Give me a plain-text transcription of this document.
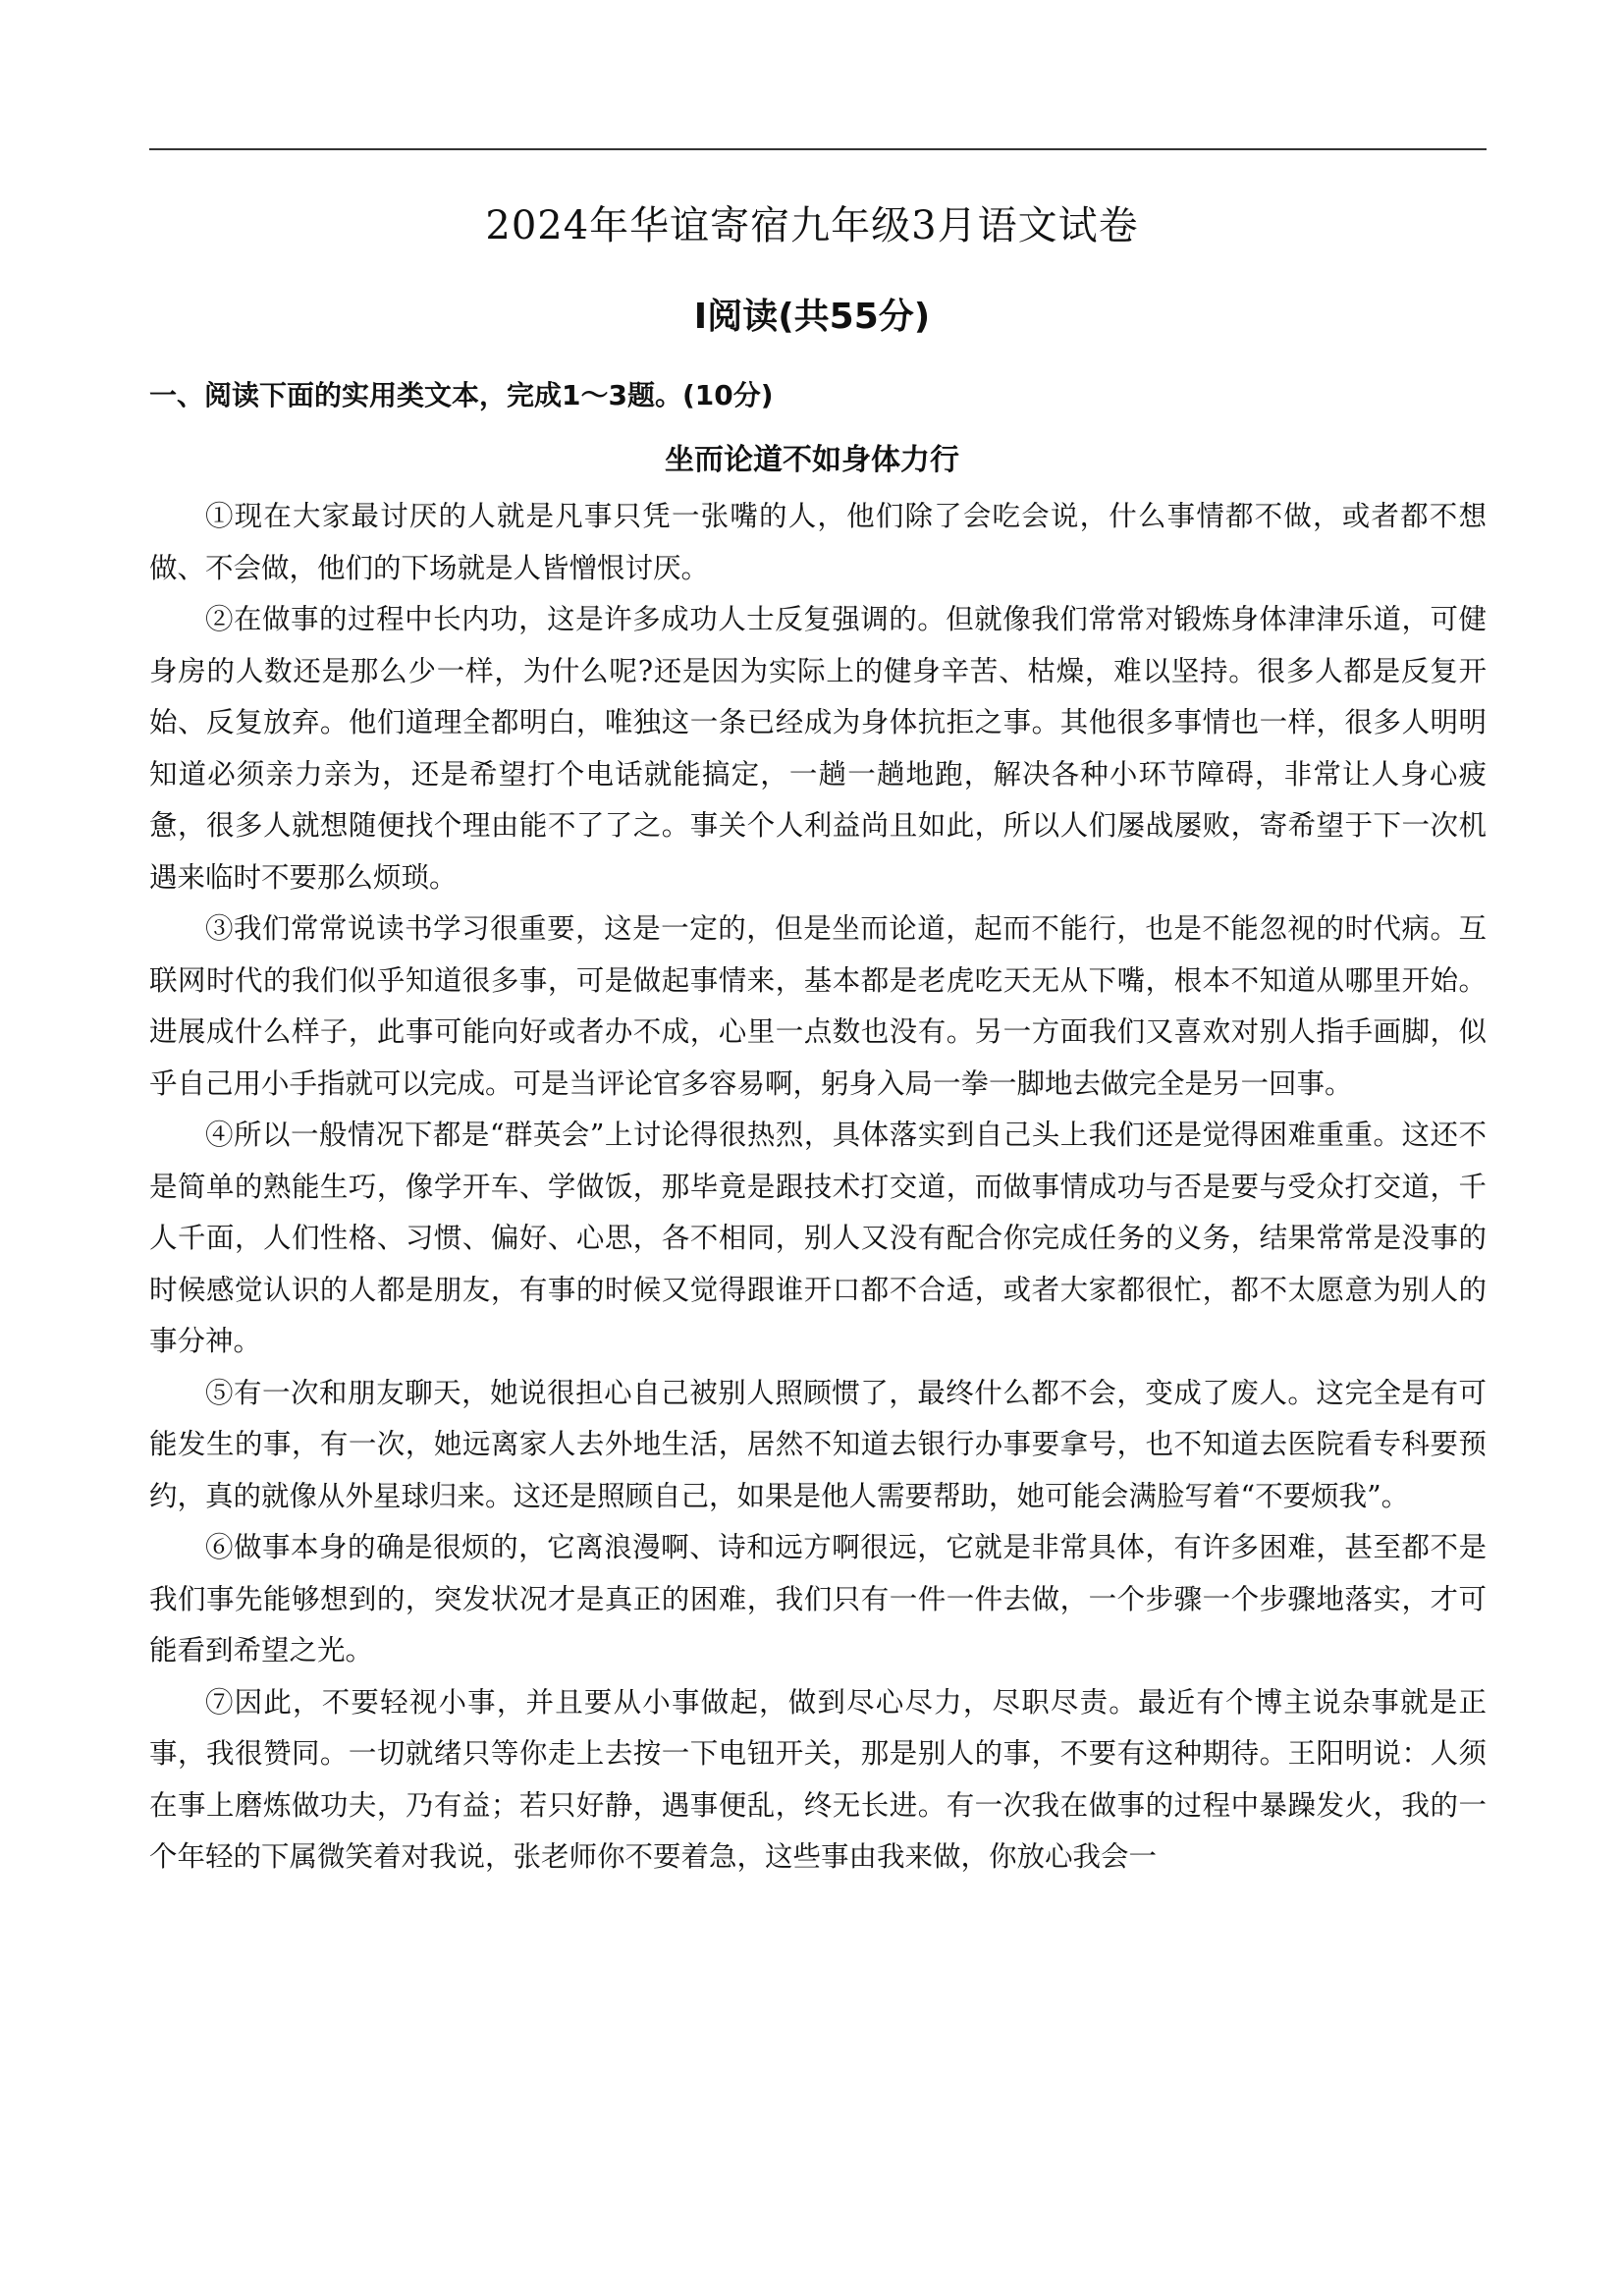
2024年华谊寄宿九年级3月语文试卷
Ⅰ阅读(共55分)
一、阅读下面的实用类文本，完成1～3题。(10分)
坐而论道不如身体力行

①现在大家最讨厌的人就是凡事只凭一张嘴的人，他们除了会吃会说，什么事情都不做，或者都不想做、不会做，他们的下场就是人皆憎恨讨厌。

②在做事的过程中长内功，这是许多成功人士反复强调的。但就像我们常常对锻炼身体津津乐道，可健身房的人数还是那么少一样，为什么呢?还是因为实际上的健身辛苦、枯燥，难以坚持。很多人都是反复开始、反复放弃。他们道理全都明白，唯独这一条已经成为身体抗拒之事。其他很多事情也一样，很多人明明知道必须亲力亲为，还是希望打个电话就能搞定，一趟一趟地跑，解决各种小环节障碍，非常让人身心疲惫，很多人就想随便找个理由能不了了之。事关个人利益尚且如此，所以人们屡战屡败，寄希望于下一次机遇来临时不要那么烦琐。

③我们常常说读书学习很重要，这是一定的，但是坐而论道，起而不能行，也是不能忽视的时代病。互联网时代的我们似乎知道很多事，可是做起事情来，基本都是老虎吃天无从下嘴，根本不知道从哪里开始。进展成什么样子，此事可能向好或者办不成，心里一点数也没有。另一方面我们又喜欢对别人指手画脚，似乎自己用小手指就可以完成。可是当评论官多容易啊，躬身入局一拳一脚地去做完全是另一回事。

④所以一般情况下都是“群英会”上讨论得很热烈，具体落实到自己头上我们还是觉得困难重重。这还不是简单的熟能生巧，像学开车、学做饭，那毕竟是跟技术打交道，而做事情成功与否是要与受众打交道，千人千面，人们性格、习惯、偏好、心思，各不相同，别人又没有配合你完成任务的义务，结果常常是没事的时候感觉认识的人都是朋友，有事的时候又觉得跟谁开口都不合适，或者大家都很忙，都不太愿意为别人的事分神。

⑤有一次和朋友聊天，她说很担心自己被别人照顾惯了，最终什么都不会，变成了废人。这完全是有可能发生的事，有一次，她远离家人去外地生活，居然不知道去银行办事要拿号，也不知道去医院看专科要预约，真的就像从外星球归来。这还是照顾自己，如果是他人需要帮助，她可能会满脸写着“不要烦我”。

⑥做事本身的确是很烦的，它离浪漫啊、诗和远方啊很远，它就是非常具体，有许多困难，甚至都不是我们事先能够想到的，突发状况才是真正的困难，我们只有一件一件去做，一个步骤一个步骤地落实，才可能看到希望之光。

⑦因此，不要轻视小事，并且要从小事做起，做到尽心尽力，尽职尽责。最近有个博主说杂事就是正事，我很赞同。一切就绪只等你走上去按一下电钮开关，那是别人的事，不要有这种期待。王阳明说：人须在事上磨炼做功夫，乃有益；若只好静，遇事便乱，终无长进。有一次我在做事的过程中暴躁发火，我的一个年轻的下属微笑着对我说，张老师你不要着急，这些事由我来做，你放心我会一
